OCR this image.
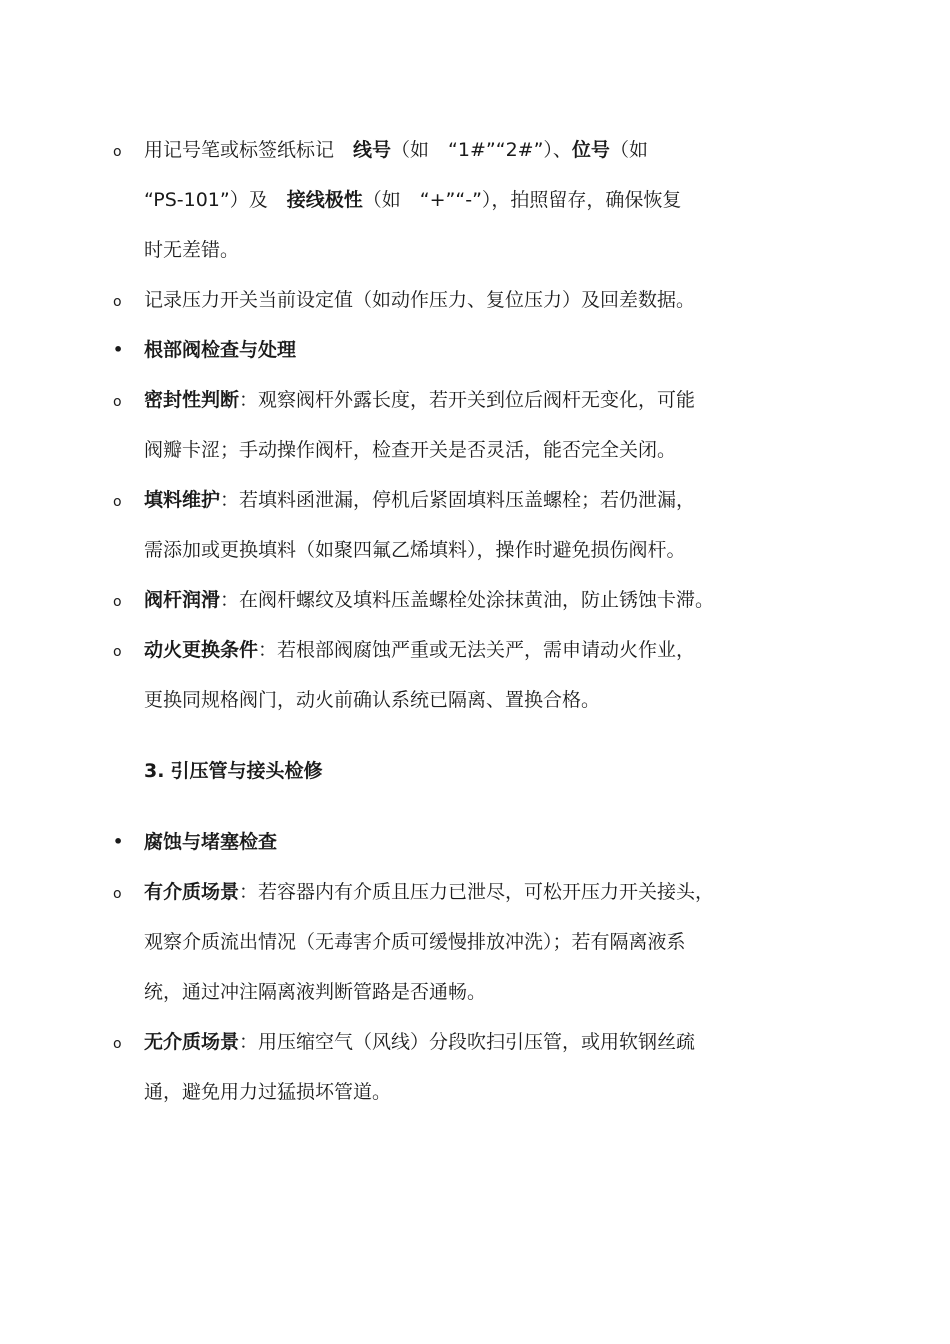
o 用记号笔或标签纸标记　线号（如　“1#”“2#”）、位号（如
“PS-101”）及　接线极性（如　“+”“-”），拍照留存，确保恢复
时无差错。
o 记录压力开关当前设定值（如动作压力、复位压力）及回差数据。
• 根部阀检查与处理
o 密封性判断：观察阀杆外露长度，若开关到位后阀杆无变化，可能
阀瓣卡涩；手动操作阀杆，检查开关是否灵活，能否完全关闭。
o 填料维护：若填料函泄漏，停机后紧固填料压盖螺栓；若仍泄漏，
需添加或更换填料（如聚四氟乙烯填料），操作时避免损伤阀杆。
o 阀杆润滑：在阀杆螺纹及填料压盖螺栓处涂抹黄油，防止锈蚀卡滞。
o 动火更换条件：若根部阀腐蚀严重或无法关严，需申请动火作业，
更换同规格阀门，动火前确认系统已隔离、置换合格。
3. 引压管与接头检修
• 腐蚀与堵塞检查
o 有介质场景：若容器内有介质且压力已泄尽，可松开压力开关接头，
观察介质流出情况（无毒害介质可缓慢排放冲洗）；若有隔离液系
统，通过冲注隔离液判断管路是否通畅。
o 无介质场景：用压缩空气（风线）分段吹扫引压管，或用软钢丝疏
通，避免用力过猛损坏管道。
